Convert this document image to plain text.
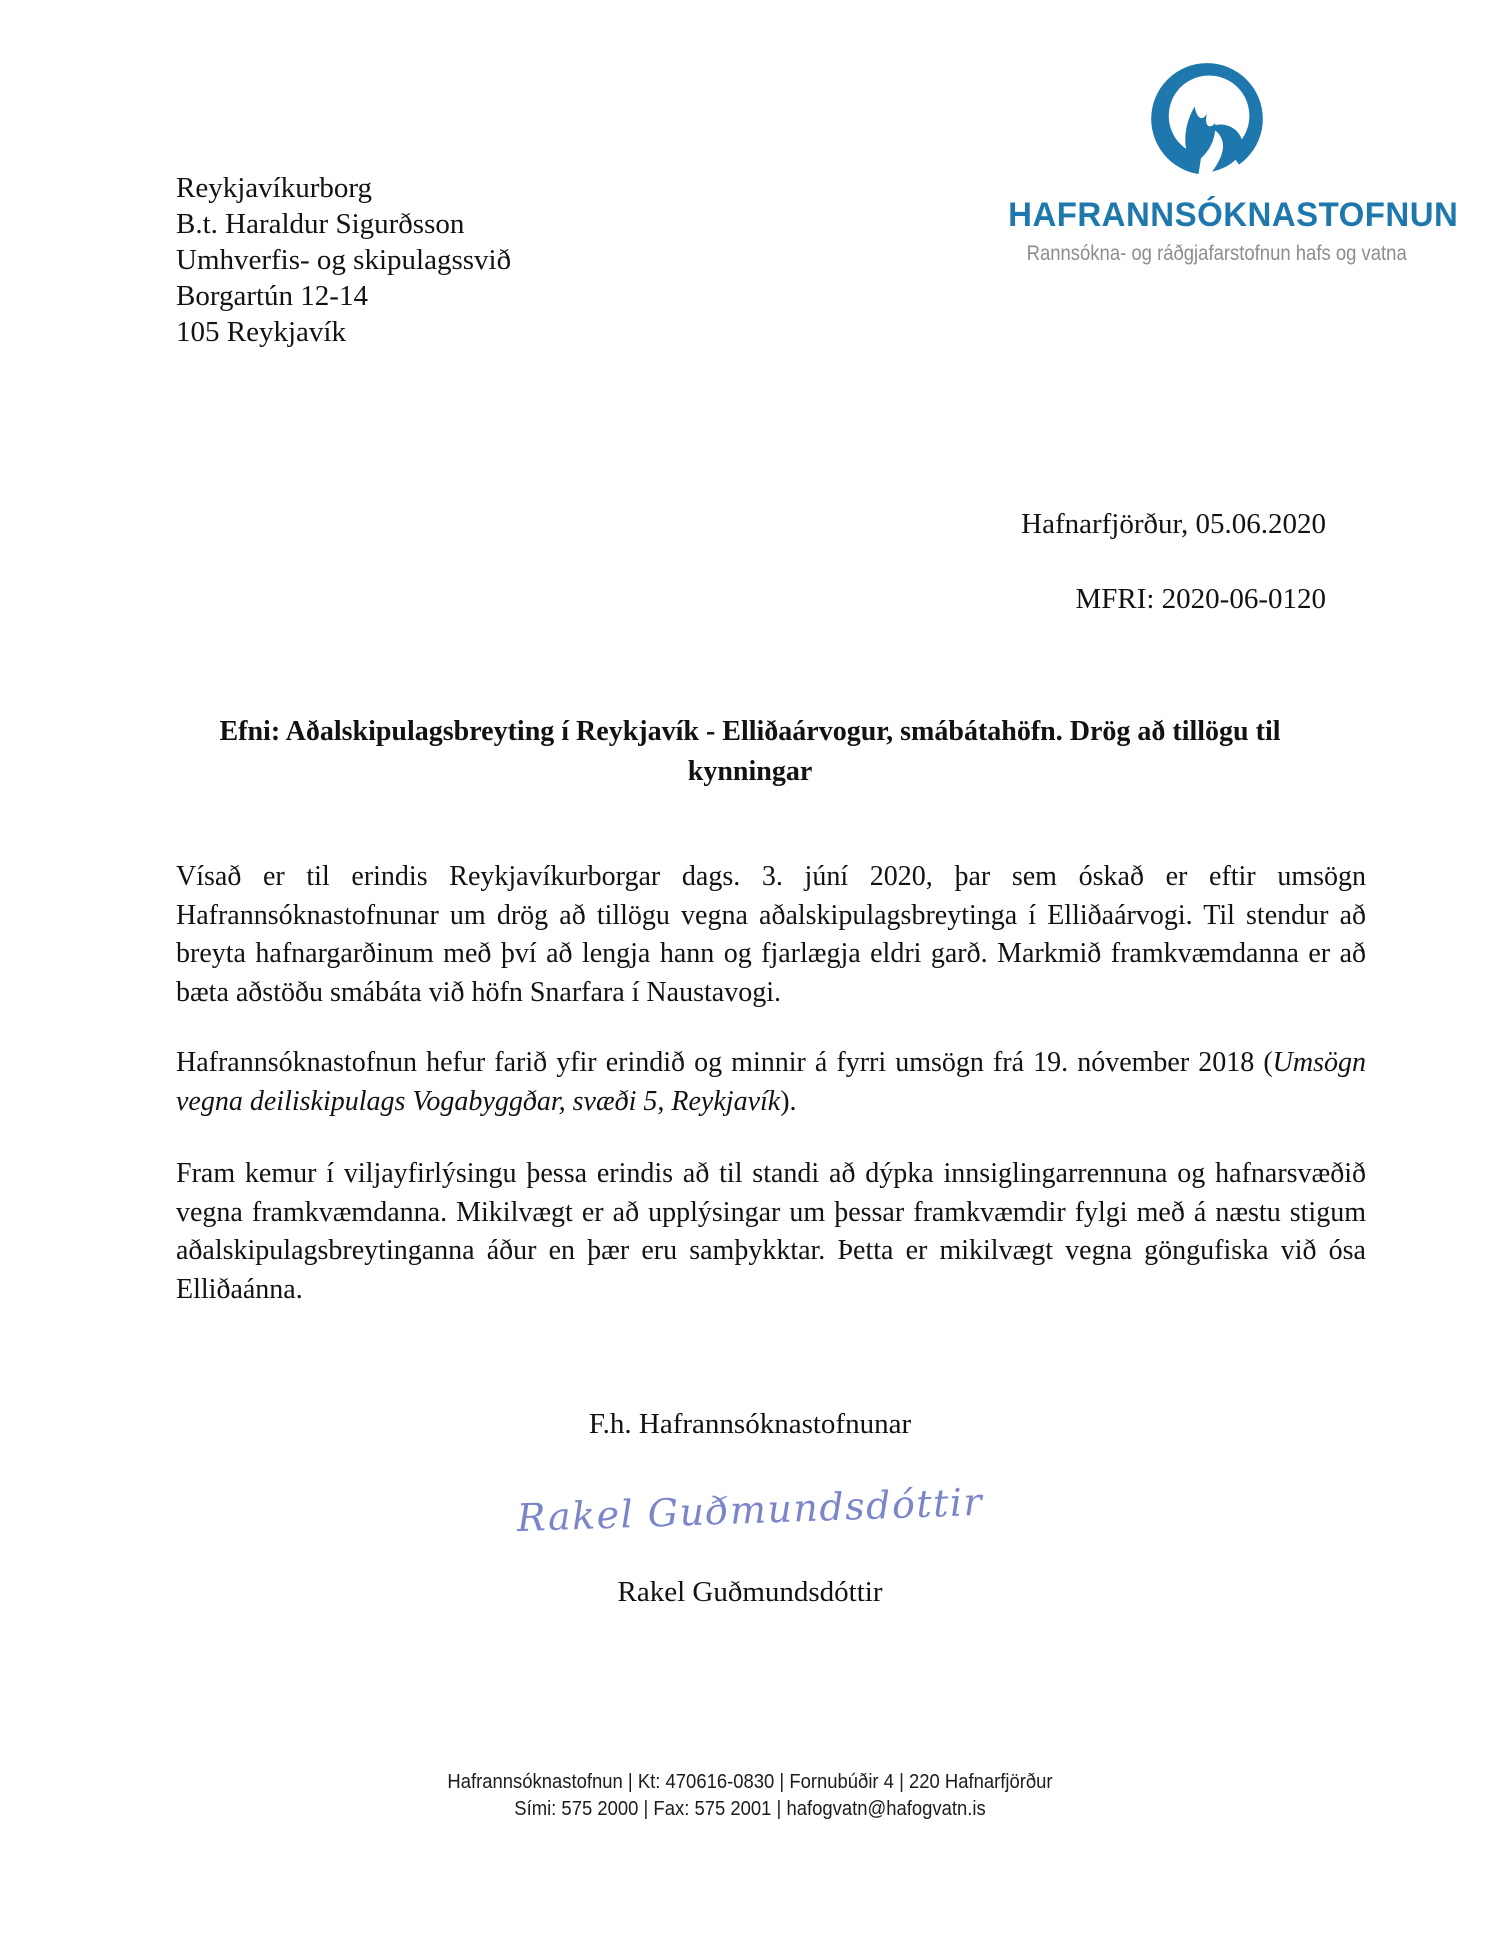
Reykjavíkurborg
B.t. Haraldur Sigurðsson
Umhverfis- og skipulagssvið
Borgartún 12-14
105 Reykjavík
HAFRANNSÓKNASTOFNUN
Rannsókna- og ráðgjafarstofnun hafs og vatna
Hafnarfjörður, 05.06.2020
MFRI: 2020-06-0120
Efni: Aðalskipulagsbreyting í Reykjavík - Elliðaárvogur, smábátahöfn. Drög að tillögu til
kynningar

Vísað er til erindis Reykjavíkurborgar dags. 3. júní 2020, þar sem óskað er eftir umsögn Hafrannsóknastofnunar um drög að tillögu vegna aðalskipulagsbreytinga í Elliðaárvogi. Til stendur að breyta hafnargarðinum með því að lengja hann og fjarlægja eldri garð. Markmið framkvæmdanna er að bæta aðstöðu smábáta við höfn Snarfara í Naustavogi.

Hafrannsóknastofnun hefur farið yfir erindið og minnir á fyrri umsögn frá 19. nóvember 2018 (Umsögn vegna deiliskipulags Vogabyggðar, svæði 5, Reykjavík).

Fram kemur í viljayfirlýsingu þessa erindis að til standi að dýpka innsiglingarrennuna og hafnarsvæðið vegna framkvæmdanna. Mikilvægt er að upplýsingar um þessar framkvæmdir fylgi með á næstu stigum aðalskipulagsbreytinganna áður en þær eru samþykktar. Þetta er mikilvægt vegna göngufiska við ósa Elliðaánna.

F.h. Hafrannsóknastofnunar
Rakel Guðmundsdóttir
Rakel Guðmundsdóttir
Hafrannsóknastofnun | Kt: 470616-0830 | Fornubúðir 4 | 220 Hafnarfjörður
Sími: 575 2000 | Fax: 575 2001 | hafogvatn@hafogvatn.is
